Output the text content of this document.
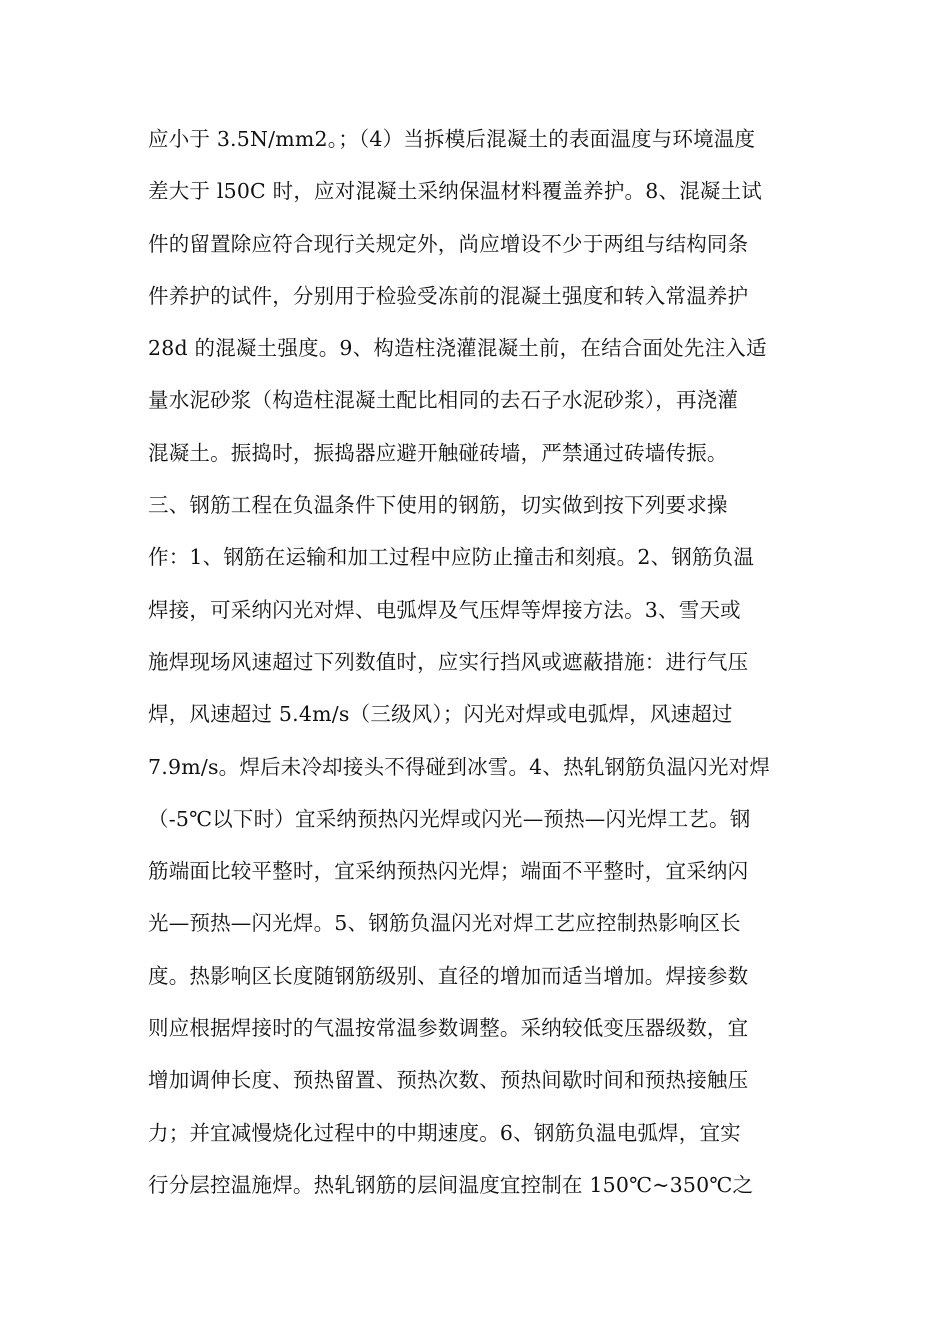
应小于 3.5N/mm2。；（4）当拆模后混凝土的表面温度与环境温度
差大于 l50C 时，应对混凝土采纳保温材料覆盖养护。8、混凝土试
件的留置除应符合现行关规定外，尚应增设不少于两组与结构同条
件养护的试件，分别用于检验受冻前的混凝土强度和转入常温养护
28d 的混凝土强度。9、构造柱浇灌混凝土前，在结合面处先注入适
量水泥砂浆（构造柱混凝土配比相同的去石子水泥砂浆），再浇灌
混凝土。振捣时，振捣器应避开触碰砖墙，严禁通过砖墙传振。
三、钢筋工程在负温条件下使用的钢筋，切实做到按下列要求操
作：1、钢筋在运输和加工过程中应防止撞击和刻痕。2、钢筋负温
焊接，可采纳闪光对焊、电弧焊及气压焊等焊接方法。3、雪天或
施焊现场风速超过下列数值时，应实行挡风或遮蔽措施：进行气压
焊，风速超过 5.4m/s（三级风）；闪光对焊或电弧焊，风速超过
7.9m/s。焊后未冷却接头不得碰到冰雪。4、热轧钢筋负温闪光对焊
（-5℃以下时）宜采纳预热闪光焊或闪光—预热—闪光焊工艺。钢
筋端面比较平整时，宜采纳预热闪光焊；端面不平整时，宜采纳闪
光—预热—闪光焊。5、钢筋负温闪光对焊工艺应控制热影响区长
度。热影响区长度随钢筋级别、直径的增加而适当增加。焊接参数
则应根据焊接时的气温按常温参数调整。采纳较低变压器级数，宜
增加调伸长度、预热留置、预热次数、预热间歇时间和预热接触压
力；并宜减慢烧化过程中的中期速度。6、钢筋负温电弧焊，宜实
行分层控温施焊。热轧钢筋的层间温度宜控制在 150℃~350℃之
